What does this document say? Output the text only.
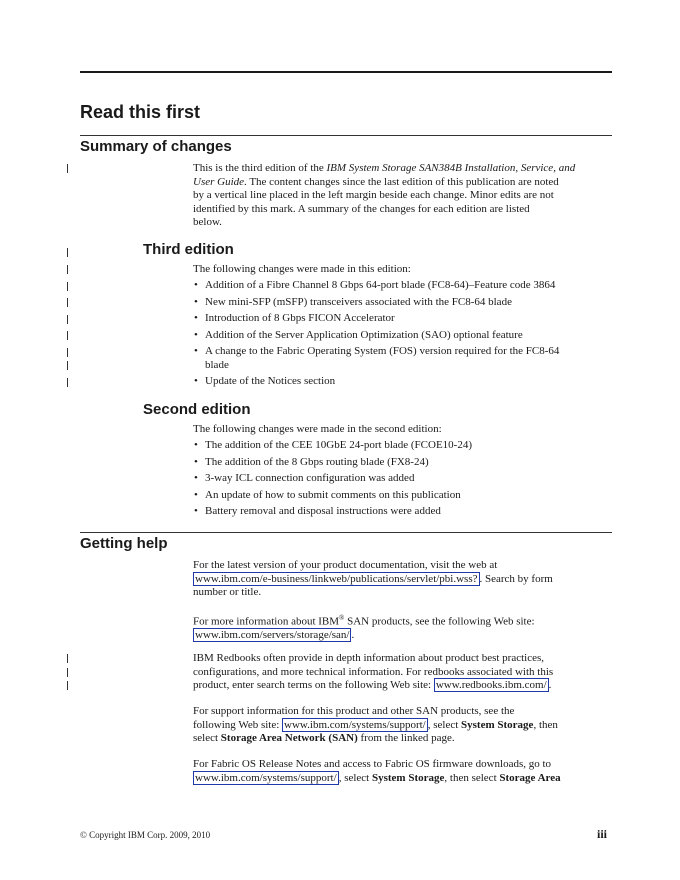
Read this first
Summary of changes

This is the third edition of the IBM System Storage SAN384B Installation, Service, and

User Guide. The content changes since the last edition of this publication are noted

by a vertical line placed in the left margin beside each change. Minor edits are not

identified by this mark. A summary of the changes for each edition are listed

below.

Third edition
The following changes were made in this edition:
• Addition of a Fibre Channel 8 Gbps 64-port blade (FC8-64)–Feature code 3864
• New mini-SFP (mSFP) transceivers associated with the FC8-64 blade
• Introduction of 8 Gbps FICON Accelerator
• Addition of the Server Application Optimization (SAO) optional feature
• A change to the Fabric Operating System (FOS) version required for the FC8-64
blade
• Update of the Notices section
Second edition
The following changes were made in the second edition:
• The addition of the CEE 10GbE 24-port blade (FCOE10-24)
• The addition of the 8 Gbps routing blade (FX8-24)
• 3-way ICL connection configuration was added
• An update of how to submit comments on this publication
• Battery removal and disposal instructions were added
Getting help

For the latest version of your product documentation, visit the web at

www.ibm.com/e-business/linkweb/publications/servlet/pbi.wss? . Search by form

number or title.

For more information about IBM® SAN products, see the following Web site:

www.ibm.com/servers/storage/san/ .

IBM Redbooks often provide in depth information about product best practices,

configurations, and more technical information. For redbooks associated with this

product, enter search terms on the following Web site: www.redbooks.ibm.com/ .

For support information for this product and other SAN products, see the

following Web site: www.ibm.com/systems/support/ , select System Storage, then

select Storage Area Network (SAN) from the linked page.

For Fabric OS Release Notes and access to Fabric OS firmware downloads, go to

www.ibm.com/systems/support/ , select System Storage, then select Storage Area

© Copyright IBM Corp. 2009, 2010	iii
